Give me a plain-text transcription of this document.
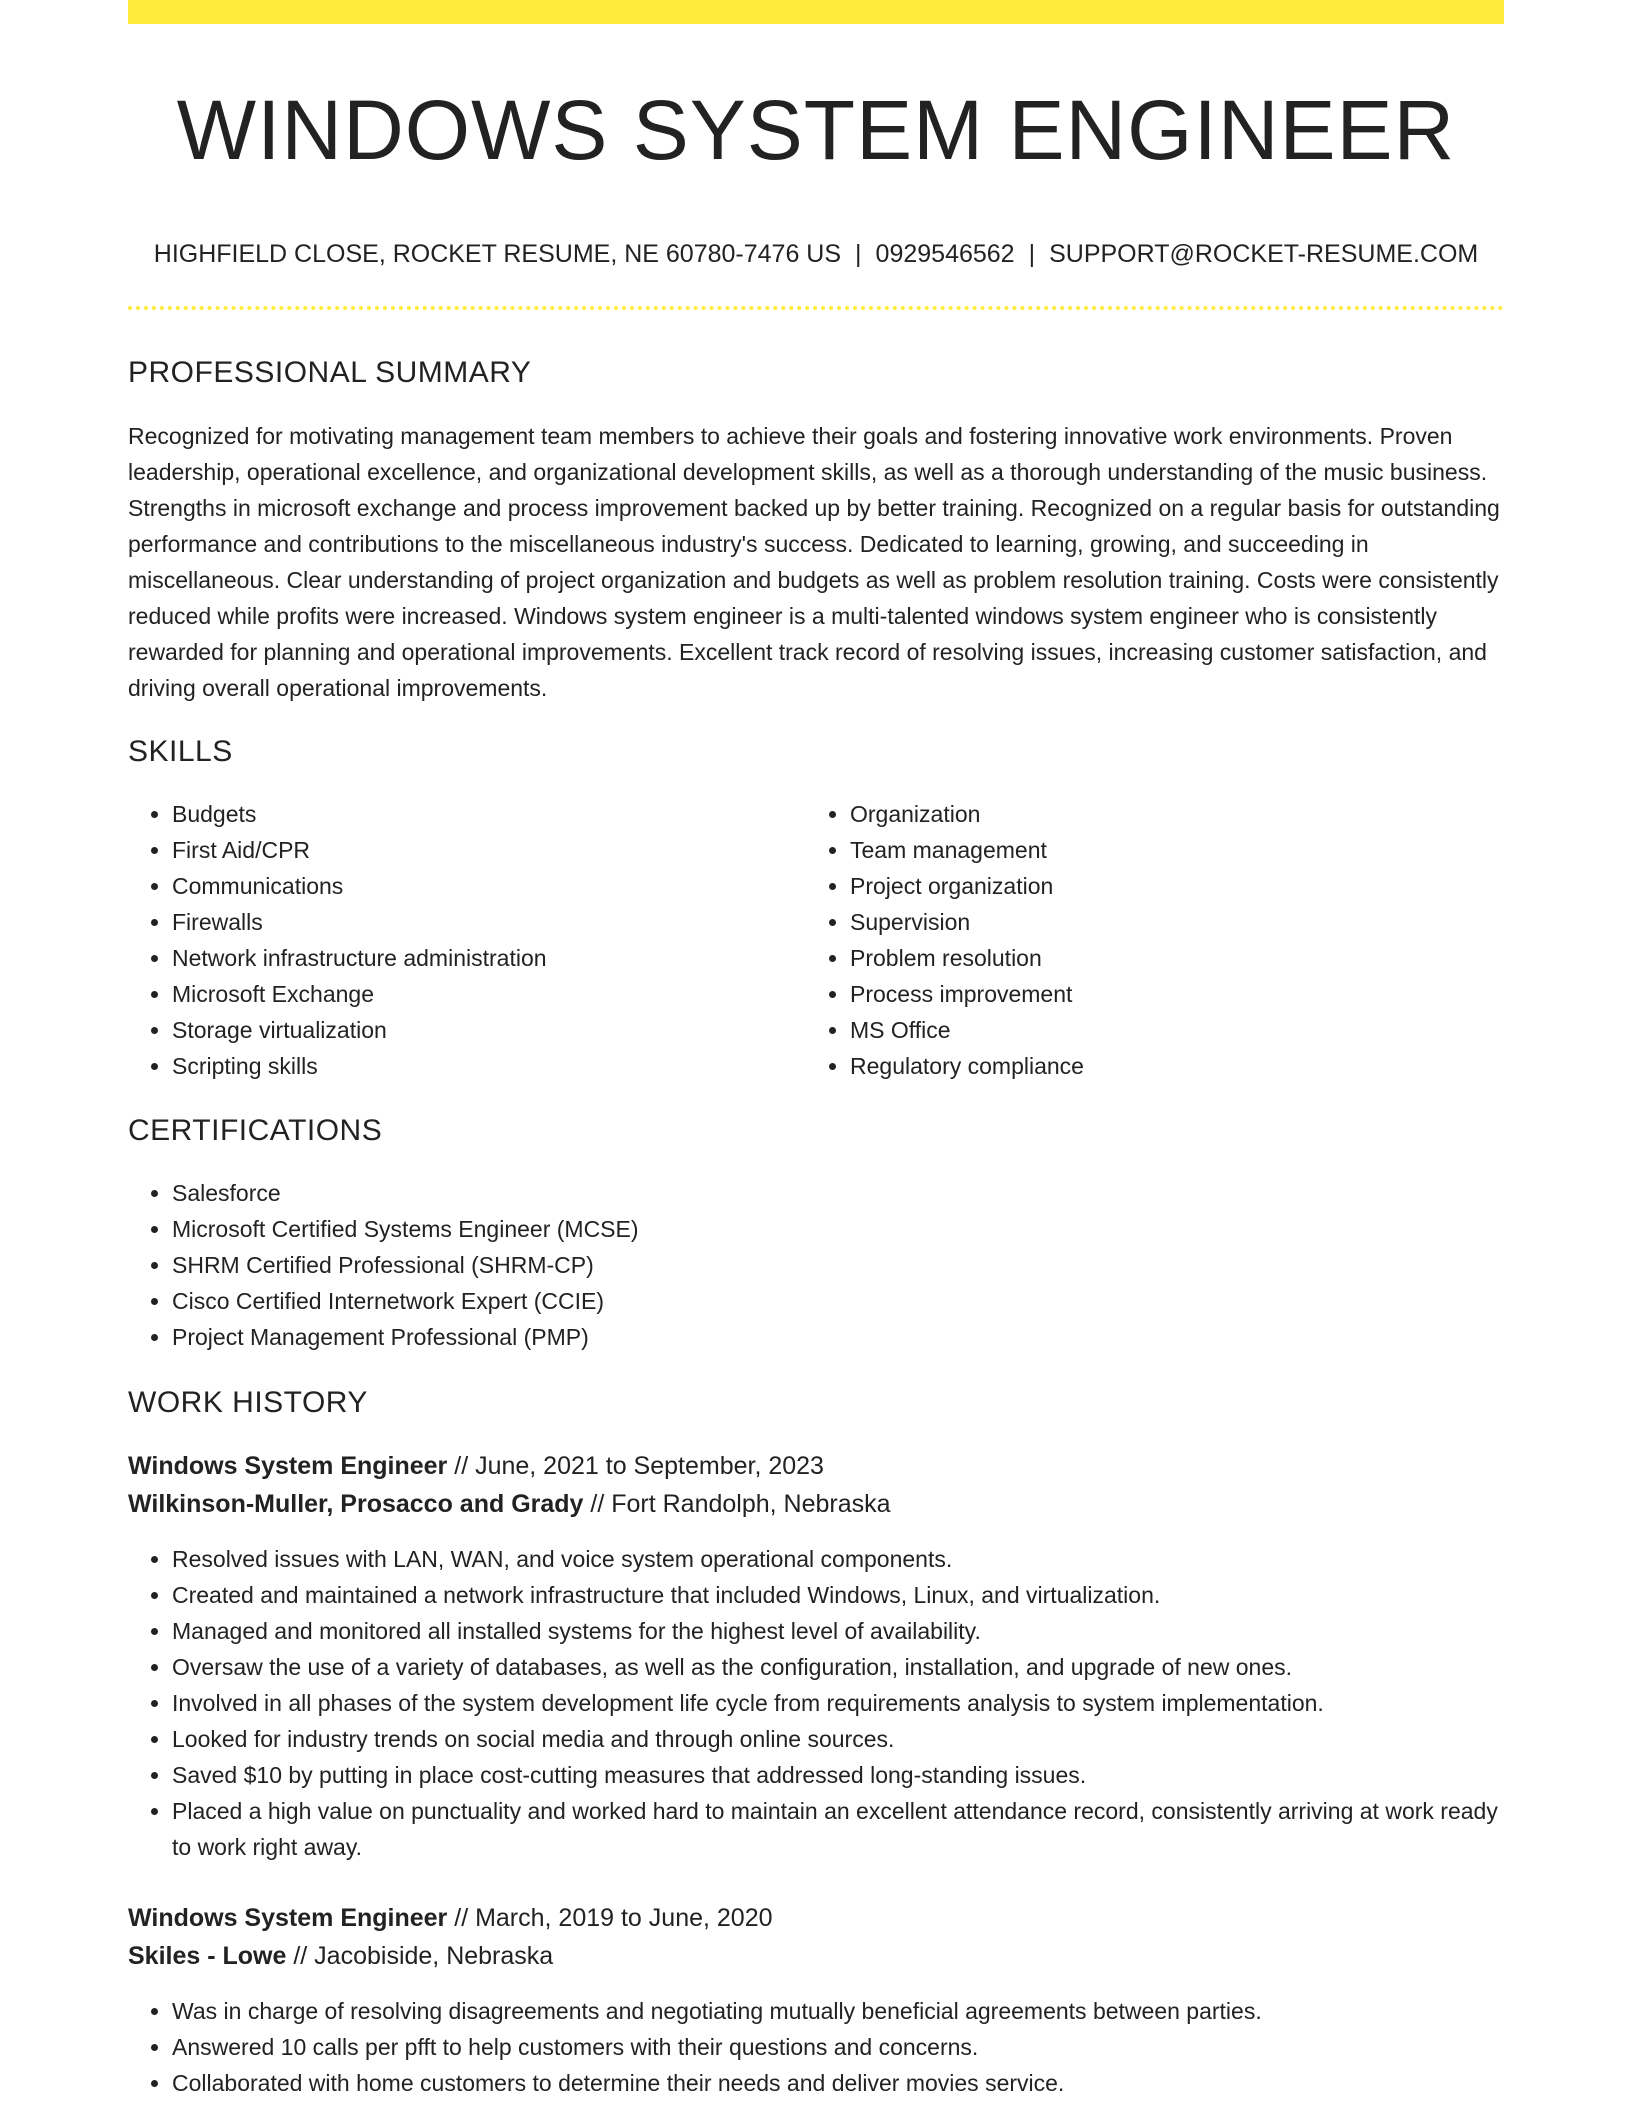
WINDOWS SYSTEM ENGINEER
HIGHFIELD CLOSE, ROCKET RESUME, NE 60780-7476 US | 0929546562 | SUPPORT@ROCKET-RESUME.COM
PROFESSIONAL SUMMARY

Recognized for motivating management team members to achieve their goals and fostering innovative work environments. Proven leadership, operational excellence, and organizational development skills, as well as a thorough understanding of the music business. Strengths in microsoft exchange and process improvement backed up by better training. Recognized on a regular basis for outstanding performance and contributions to the miscellaneous industry's success. Dedicated to learning, growing, and succeeding in miscellaneous. Clear understanding of project organization and budgets as well as problem resolution training. Costs were consistently reduced while profits were increased. Windows system engineer is a multi-talented windows system engineer who is consistently rewarded for planning and operational improvements. Excellent track record of resolving issues, increasing customer satisfaction, and driving overall operational improvements.

SKILLS
• Budgets
• First Aid/CPR
• Communications
• Firewalls
• Network infrastructure administration
• Microsoft Exchange
• Storage virtualization
• Scripting skills
• Organization
• Team management
• Project organization
• Supervision
• Problem resolution
• Process improvement
• MS Office
• Regulatory compliance
CERTIFICATIONS
• Salesforce
• Microsoft Certified Systems Engineer (MCSE)
• SHRM Certified Professional (SHRM-CP)
• Cisco Certified Internetwork Expert (CCIE)
• Project Management Professional (PMP)
WORK HISTORY
Windows System Engineer // June, 2021 to September, 2023
Wilkinson-Muller, Prosacco and Grady // Fort Randolph, Nebraska
• Resolved issues with LAN, WAN, and voice system operational components.
• Created and maintained a network infrastructure that included Windows, Linux, and virtualization.
• Managed and monitored all installed systems for the highest level of availability.
• Oversaw the use of a variety of databases, as well as the configuration, installation, and upgrade of new ones.
• Involved in all phases of the system development life cycle from requirements analysis to system implementation.
• Looked for industry trends on social media and through online sources.
• Saved $10 by putting in place cost-cutting measures that addressed long-standing issues.
• Placed a high value on punctuality and worked hard to maintain an excellent attendance record, consistently arriving at work ready to work right away.
Windows System Engineer // March, 2019 to June, 2020
Skiles - Lowe // Jacobiside, Nebraska
• Was in charge of resolving disagreements and negotiating mutually beneficial agreements between parties.
• Answered 10 calls per pfft to help customers with their questions and concerns.
• Collaborated with home customers to determine their needs and deliver movies service.
